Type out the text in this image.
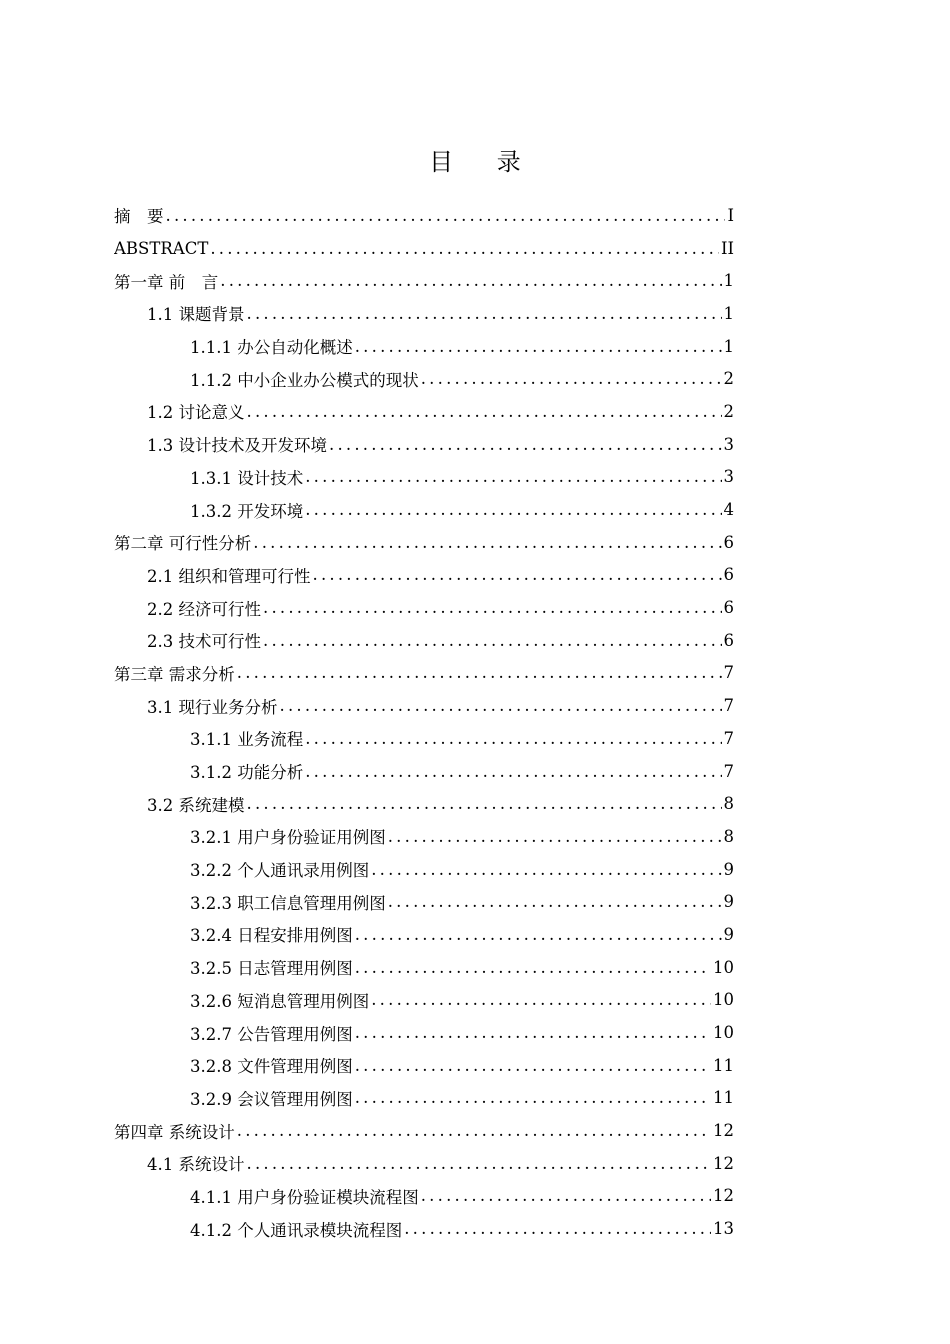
目 录
摘　要 .....	I
ABSTRACT .....	II
第一章 前　言 .....	1
1.1 课题背景 .....	1
1.1.1 办公自动化概述 .....	1
1.1.2 中小企业办公模式的现状 .....	2
1.2 讨论意义 .....	2
1.3 设计技术及开发环境 .....	3
1.3.1 设计技术 .....	3
1.3.2 开发环境 .....	4
第二章 可行性分析 .....	6
2.1 组织和管理可行性 .....	6
2.2 经济可行性 .....	6
2.3 技术可行性 .....	6
第三章 需求分析 .....	7
3.1 现行业务分析 .....	7
3.1.1 业务流程 .....	7
3.1.2 功能分析 .....	7
3.2 系统建模 .....	8
3.2.1 用户身份验证用例图 .....	8
3.2.2 个人通讯录用例图 .....	9
3.2.3 职工信息管理用例图 .....	9
3.2.4 日程安排用例图 .....	9
3.2.5 日志管理用例图 .....	10
3.2.6 短消息管理用例图 .....	10
3.2.7 公告管理用例图 .....	10
3.2.8 文件管理用例图 .....	11
3.2.9 会议管理用例图 .....	11
第四章 系统设计 .....	12
4.1 系统设计 .....	12
4.1.1 用户身份验证模块流程图 .....	12
4.1.2 个人通讯录模块流程图 .....	13
